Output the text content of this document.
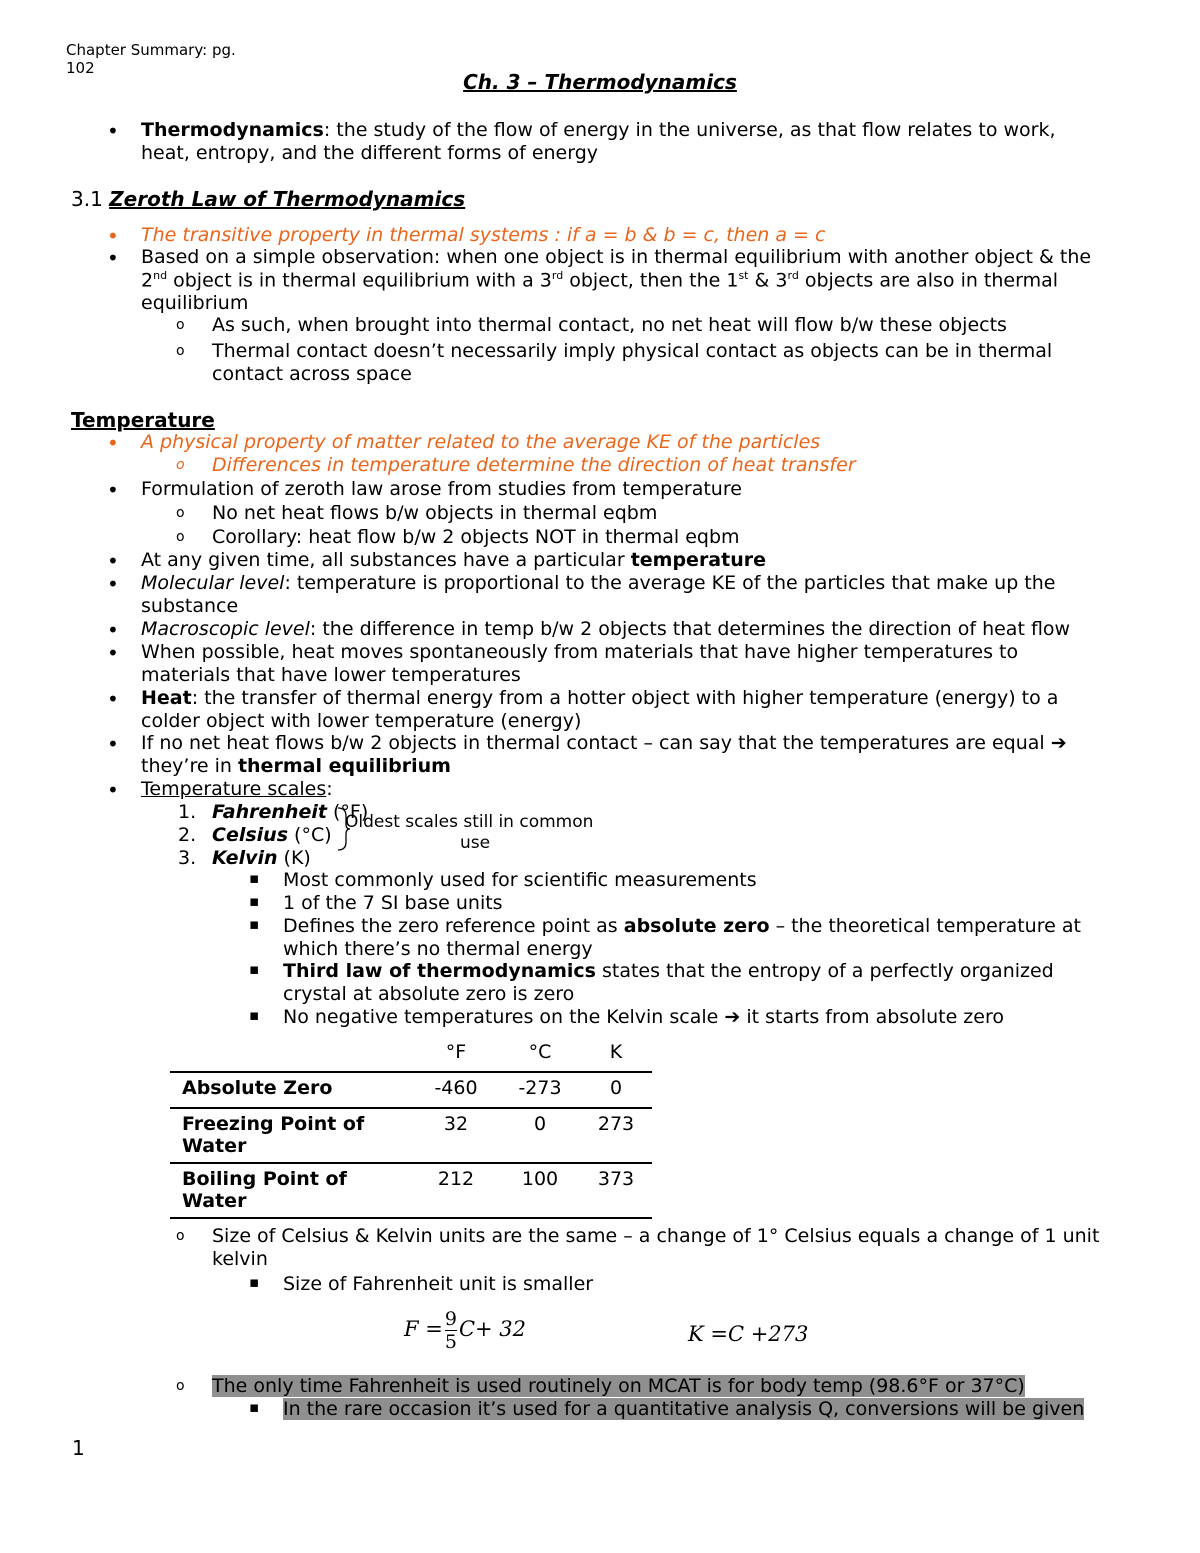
Chapter Summary: pg.
102
Ch. 3 – Thermodynamics
• Thermodynamics: the study of the flow of energy in the universe, as that flow relates to work,
heat, entropy, and the different forms of energy
3.1 Zeroth Law of Thermodynamics
• The transitive property in thermal systems : if a = b & b = c, then a = c
• Based on a simple observation: when one object is in thermal equilibrium with another object & the
2nd object is in thermal equilibrium with a 3rd object, then the 1st & 3rd objects are also in thermal
equilibrium
o As such, when brought into thermal contact, no net heat will flow b/w these objects
o Thermal contact doesn’t necessarily imply physical contact as objects can be in thermal
contact across space
Temperature
• A physical property of matter related to the average KE of the particles
o Differences in temperature determine the direction of heat transfer
• Formulation of zeroth law arose from studies from temperature
o No net heat flows b/w objects in thermal eqbm
o Corollary: heat flow b/w 2 objects NOT in thermal eqbm
• At any given time, all substances have a particular temperature
• Molecular level: temperature is proportional to the average KE of the particles that make up the
substance
• Macroscopic level: the difference in temp b/w 2 objects that determines the direction of heat flow
• When possible, heat moves spontaneously from materials that have higher temperatures to
materials that have lower temperatures
• Heat: the transfer of thermal energy from a hotter object with higher temperature (energy) to a
colder object with lower temperature (energy)
• If no net heat flows b/w 2 objects in thermal contact – can say that the temperatures are equal ➔
they’re in thermal equilibrium
• Temperature scales:
1. Fahrenheit (°F)
2. Celsius (°C)
3. Kelvin (K)
Oldest scales still in common
use
▪ Most commonly used for scientific measurements
▪ 1 of the 7 SI base units
▪ Defines the zero reference point as absolute zero – the theoretical temperature at
which there’s no thermal energy
▪ Third law of thermodynamics states that the entropy of a perfectly organized
crystal at absolute zero is zero
▪ No negative temperatures on the Kelvin scale ➔ it starts from absolute zero
	°F	°C	K
Absolute Zero	-460	-273	0

Freezing Point of
Water	32	0	273

Boiling Point of
Water	212	100	373
o Size of Celsius & Kelvin units are the same – a change of 1° Celsius equals a change of 1 unit
kelvin
▪ Size of Fahrenheit unit is smaller
$F = \frac{9}{5} C+ 32$	K =C +273
o The only time Fahrenheit is used routinely on MCAT is for body temp (98.6°F or 37°C)
▪ In the rare occasion it’s used for a quantitative analysis Q, conversions will be given
1
